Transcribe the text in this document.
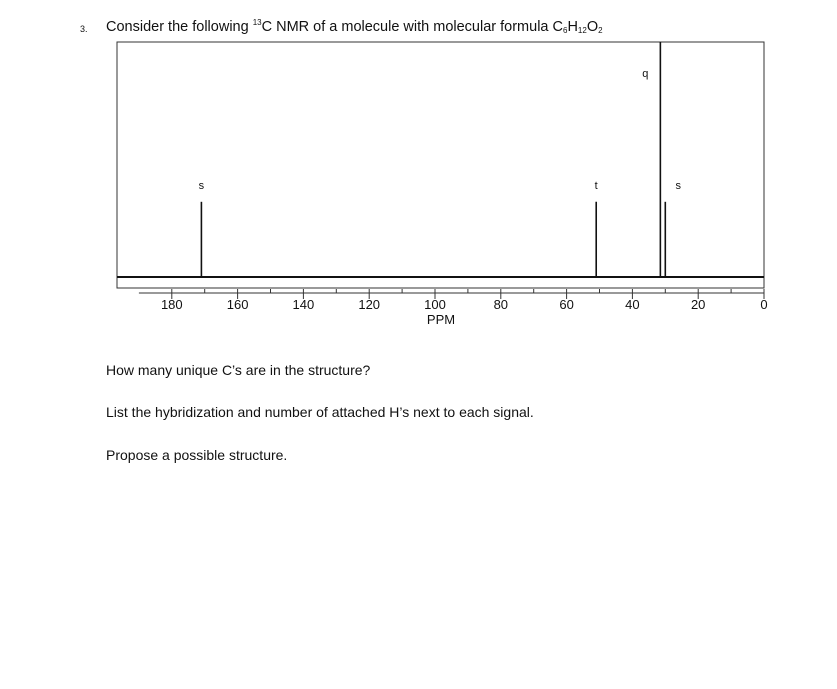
3. Consider the following $^{13}$C NMR of a molecule with molecular formula $C_6H_{12}O_2$
180	160	140	120	100	80	60	40	20	0
s	t
q
s
PPM
How many unique C’s are in the structure?
List the hybridization and number of attached H’s next to each signal.
Propose a possible structure.
